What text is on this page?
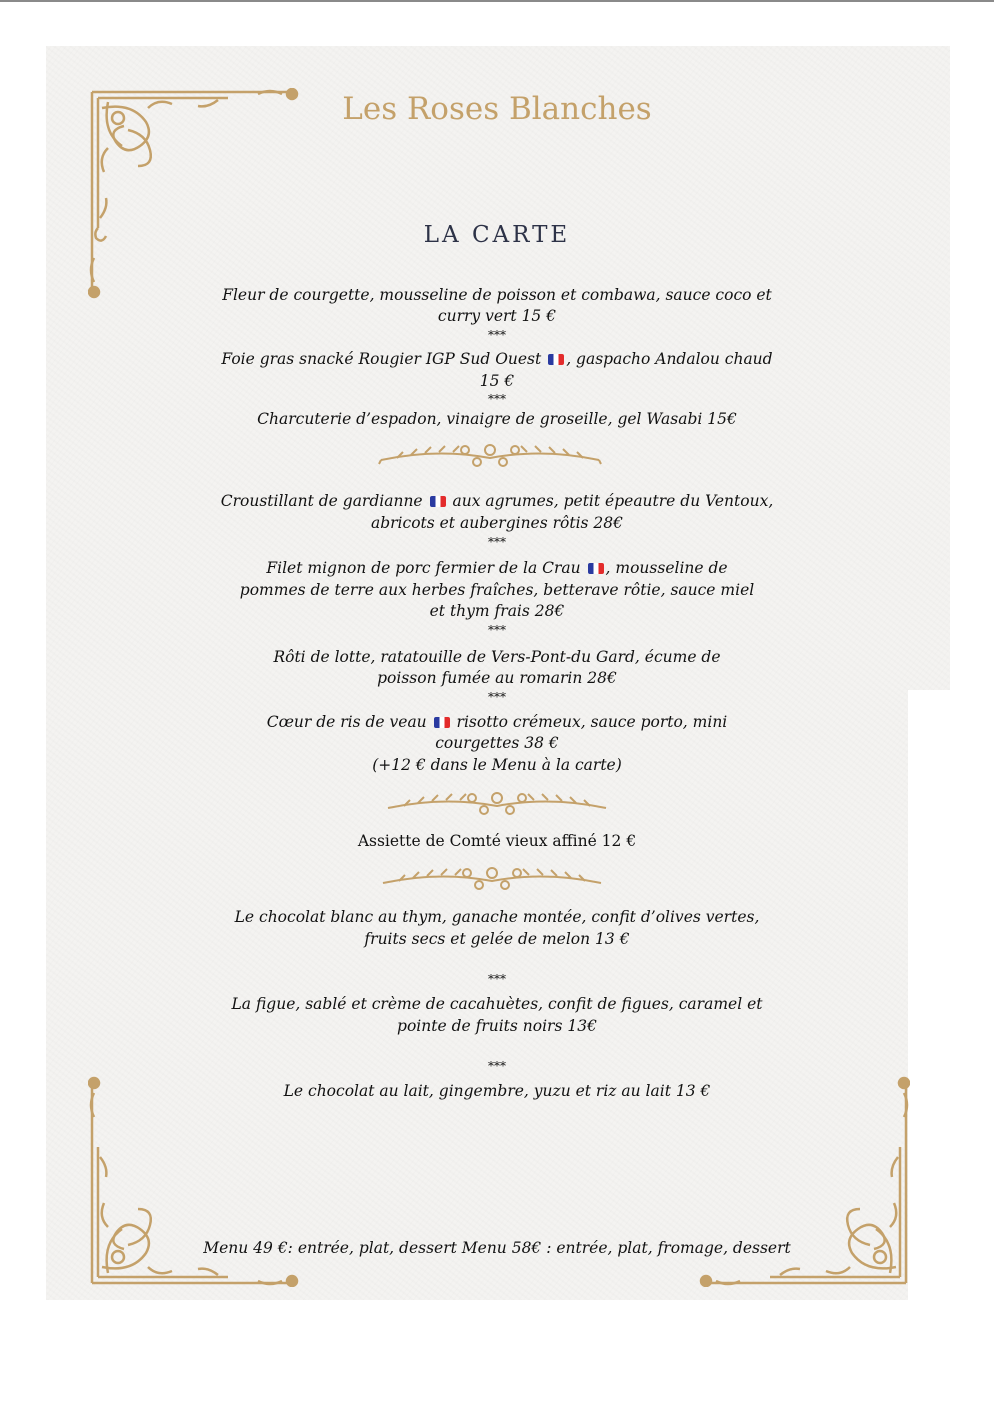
Les Roses Blanches
LA CARTE
Fleur de courgette, mousseline de poisson et combawa, sauce coco et
curry vert 15 €
***
Foie gras snacké Rougier IGP Sud Ouest , gaspacho Andalou chaud
15 €
***
Charcuterie d’espadon, vinaigre de groseille, gel Wasabi 15€
Croustillant de gardianne aux agrumes, petit épeautre du Ventoux,
abricots et aubergines rôtis 28€
***
Filet mignon de porc fermier de la Crau , mousseline de
pommes de terre aux herbes fraîches, betterave rôtie, sauce miel
et thym frais 28€
***
Rôti de lotte, ratatouille de Vers-Pont-du Gard, écume de
poisson fumée au romarin 28€
***
Cœur de ris de veau risotto crémeux, sauce porto, mini
courgettes 38 €
(+12 € dans le Menu à la carte)
Assiette de Comté vieux affiné 12 €
Le chocolat blanc au thym, ganache montée, confit d’olives vertes,
fruits secs et gelée de melon 13 €
***
La figue, sablé et crème de cacahuètes, confit de figues, caramel et
pointe de fruits noirs 13€
***
Le chocolat au lait, gingembre, yuzu et riz au lait 13 €
Menu 49 €: entrée, plat, dessert Menu 58€ : entrée, plat, fromage, dessert
